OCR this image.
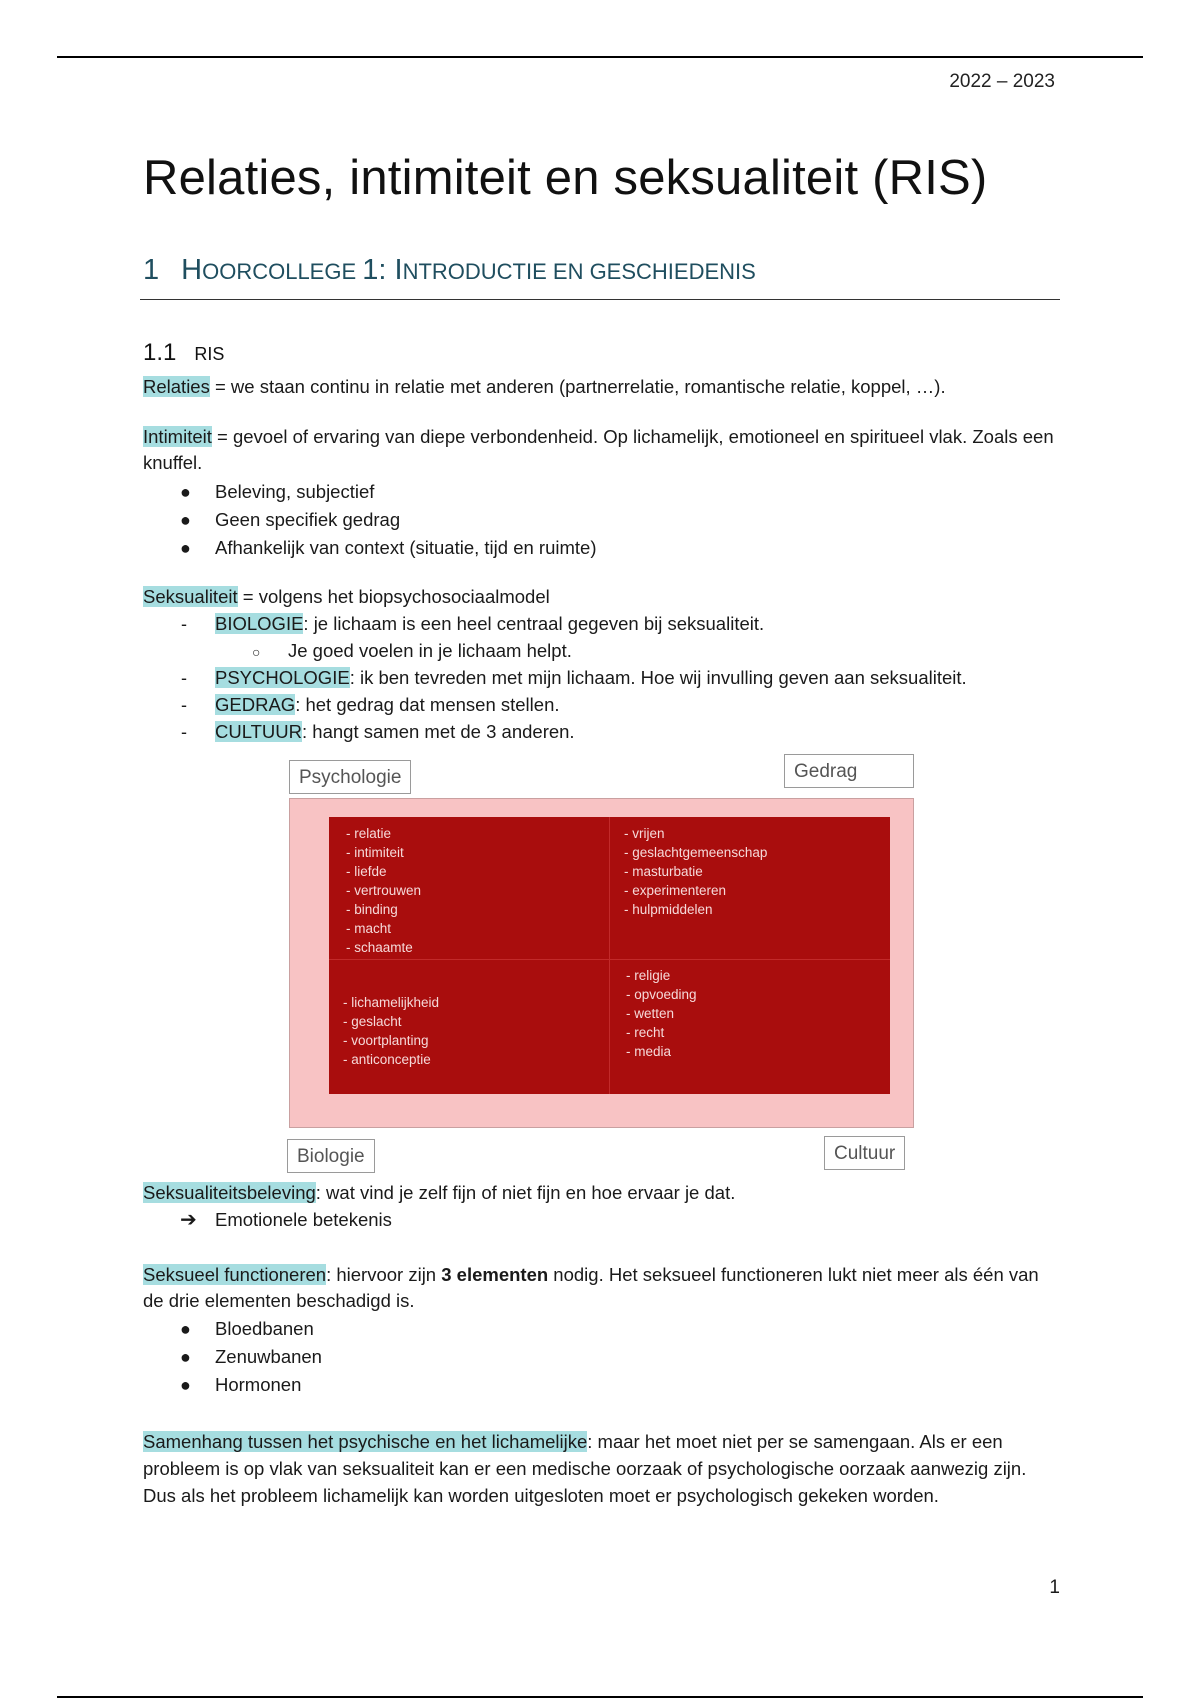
2022 – 2023
Relaties, intimiteit en seksualiteit (RIS)
1 HOORCOLLEGE 1: INTRODUCTIE EN GESCHIEDENIS
1.1 RIS
Relaties = we staan continu in relatie met anderen (partnerrelatie, romantische relatie, koppel, …).
Intimiteit = gevoel of ervaring van diepe verbondenheid. Op lichamelijk, emotioneel en spiritueel vlak. Zoals een knuffel.
● Beleving, subjectief
● Geen specifiek gedrag
● Afhankelijk van context (situatie, tijd en ruimte)
Seksualiteit = volgens het biopsychosociaalmodel
- BIOLOGIE: je lichaam is een heel centraal gegeven bij seksualiteit.
○ Je goed voelen in je lichaam helpt.
- PSYCHOLOGIE: ik ben tevreden met mijn lichaam. Hoe wij invulling geven aan seksualiteit.
- GEDRAG: het gedrag dat mensen stellen.
- CULTUUR: hangt samen met de 3 anderen.
Psychologie	Gedrag
- relatie
- intimiteit
- liefde
- vertrouwen
- binding
- macht
- schaamte
- vrijen
- geslachtgemeenschap
- masturbatie
- experimenteren
- hulpmiddelen
- lichamelijkheid
- geslacht
- voortplanting
- anticonceptie
- religie
- opvoeding
- wetten
- recht
- media
Biologie	Cultuur
Seksualiteitsbeleving: wat vind je zelf fijn of niet fijn en hoe ervaar je dat.
➔ Emotionele betekenis
Seksueel functioneren: hiervoor zijn 3 elementen nodig. Het seksueel functioneren lukt niet meer als één van de drie elementen beschadigd is.
● Bloedbanen
● Zenuwbanen
● Hormonen
Samenhang tussen het psychische en het lichamelijke: maar het moet niet per se samengaan. Als er een probleem is op vlak van seksualiteit kan er een medische oorzaak of psychologische oorzaak aanwezig zijn. Dus als het probleem lichamelijk kan worden uitgesloten moet er psychologisch gekeken worden.
1
